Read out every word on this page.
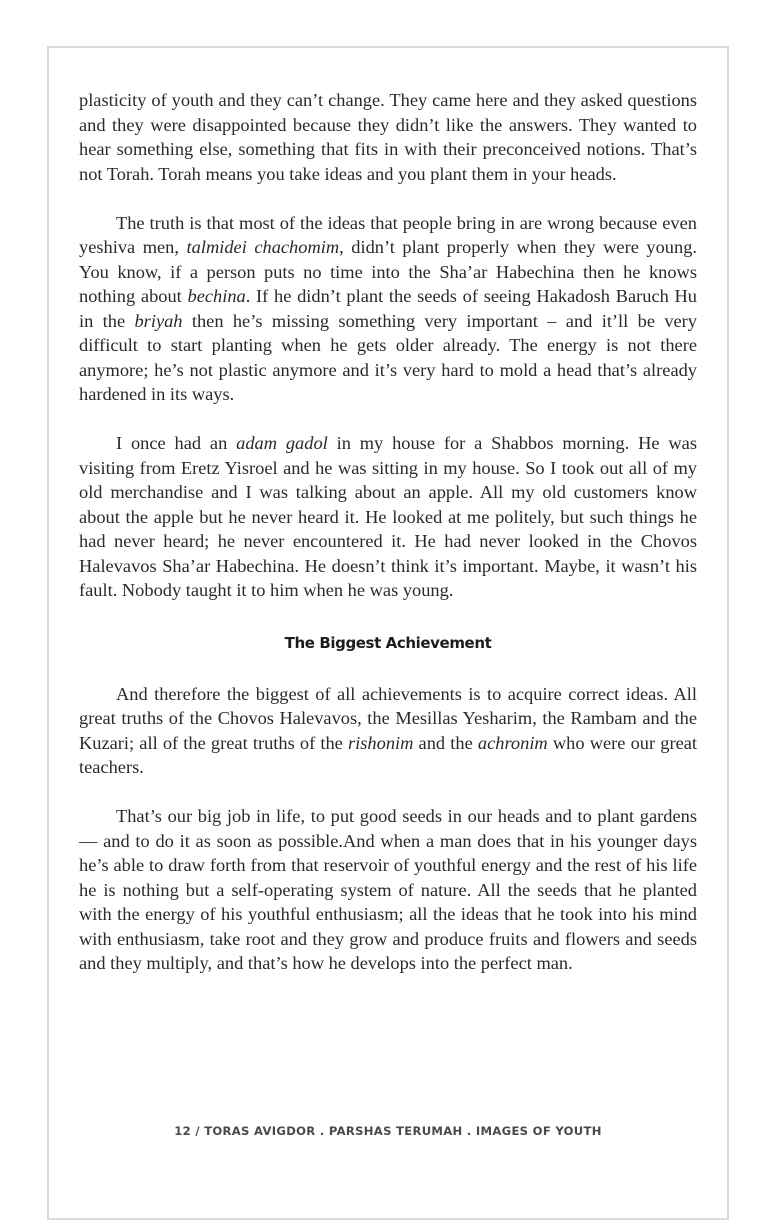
plasticity of youth and they can’t change. They came here and they asked questions and they were disappointed because they didn’t like the answers. They wanted to hear something else, something that fits in with their preconceived notions. That’s not Torah. Torah means you take ideas and you plant them in your heads.

The truth is that most of the ideas that people bring in are wrong because even yeshiva men, talmidei chachomim, didn’t plant properly when they were young. You know, if a person puts no time into the Sha’ar Habechina then he knows nothing about bechina. If he didn’t plant the seeds of seeing Hakadosh Baruch Hu in the briyah then he’s missing something very important – and it’ll be very difficult to start planting when he gets older already. The energy is not there anymore; he’s not plastic anymore and it’s very hard to mold a head that’s already hardened in its ways.

I once had an adam gadol in my house for a Shabbos morning. He was visiting from Eretz Yisroel and he was sitting in my house. So I took out all of my old merchandise and I was talking about an apple. All my old customers know about the apple but he never heard it. He looked at me politely, but such things he had never heard; he never encountered it. He had never looked in the Chovos Halevavos Sha’ar Habechina. He doesn’t think it’s important. Maybe, it wasn’t his fault. Nobody taught it to him when he was young.

The Biggest Achievement

And therefore the biggest of all achievements is to acquire correct ideas. All great truths of the Chovos Halevavos, the Mesillas Yesharim, the Rambam and the Kuzari; all of the great truths of the rishonim and the achronim who were our great teachers.

That’s our big job in life, to put good seeds in our heads and to plant gardens — and to do it as soon as possible.And when a man does that in his younger days he’s able to draw forth from that reservoir of youthful energy and the rest of his life he is nothing but a self-operating system of nature. All the seeds that he planted with the energy of his youthful enthusiasm; all the ideas that he took into his mind with enthusiasm, take root and they grow and produce fruits and flowers and seeds and they multiply, and that’s how he develops into the perfect man.

12 / TORAS AVIGDOR . PARSHAS TERUMAH . IMAGES OF YOUTH
